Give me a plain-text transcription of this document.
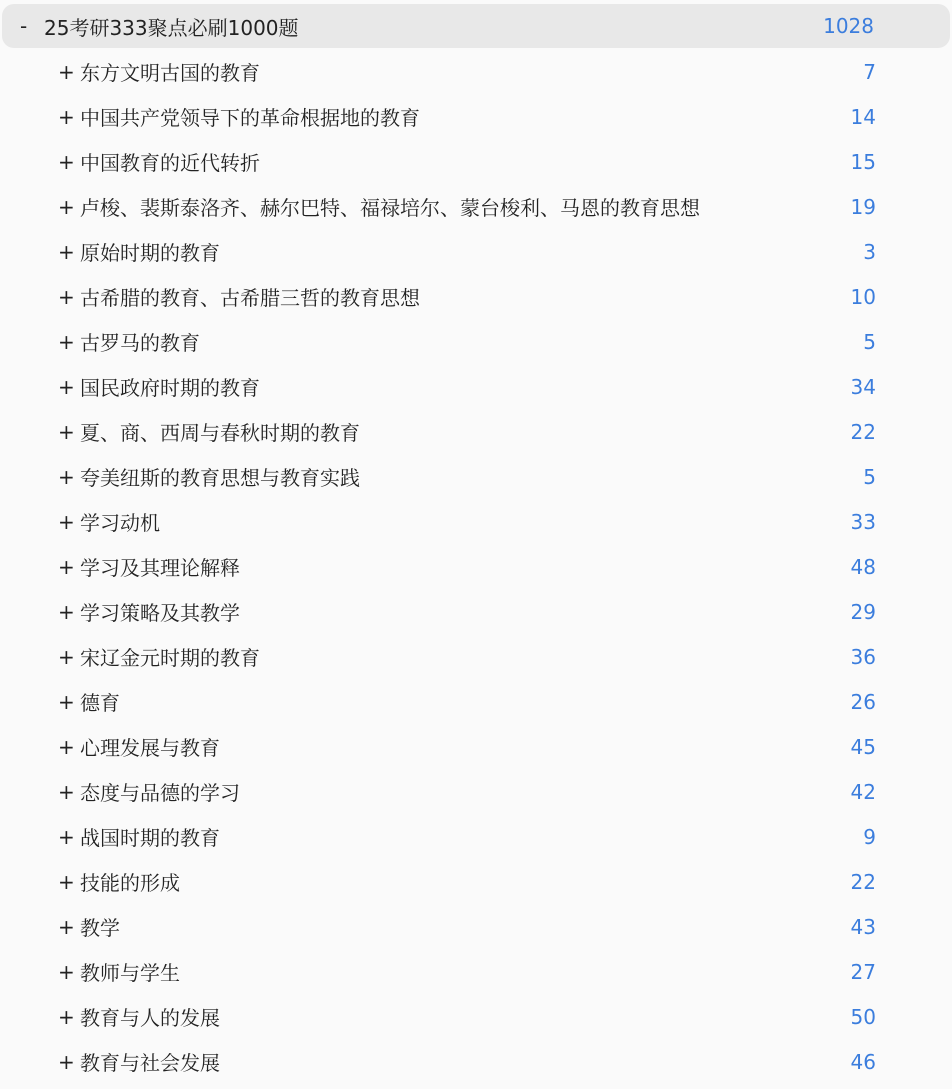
- 25考研333聚点必刷1000题	1028
+ 东方文明古国的教育	7
+ 中国共产党领导下的革命根据地的教育	14
+ 中国教育的近代转折	15
+ 卢梭、裴斯泰洛齐、赫尔巴特、福禄培尔、蒙台梭利、马恩的教育思想	19
+ 原始时期的教育	3
+ 古希腊的教育、古希腊三哲的教育思想	10
+ 古罗马的教育	5
+ 国民政府时期的教育	34
+ 夏、商、西周与春秋时期的教育	22
+ 夸美纽斯的教育思想与教育实践	5
+ 学习动机	33
+ 学习及其理论解释	48
+ 学习策略及其教学	29
+ 宋辽金元时期的教育	36
+ 德育	26
+ 心理发展与教育	45
+ 态度与品德的学习	42
+ 战国时期的教育	9
+ 技能的形成	22
+ 教学	43
+ 教师与学生	27
+ 教育与人的发展	50
+ 教育与社会发展	46
